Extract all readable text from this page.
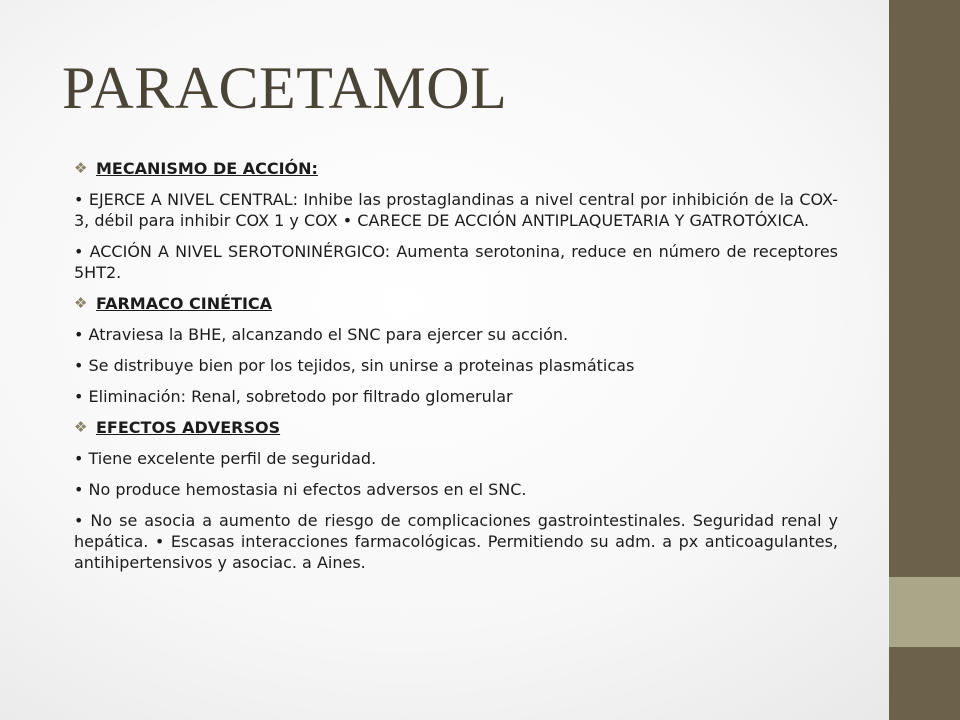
PARACETAMOL
❖ MECANISMO DE ACCIÓN:

• EJERCE A NIVEL CENTRAL: Inhibe las prostaglandinas a nivel central por inhibición de la COX-3, débil para inhibir COX 1 y COX • CARECE DE ACCIÓN ANTIPLAQUETARIA Y GATROTÓXICA.

• ACCIÓN A NIVEL SEROTONINÉRGICO: Aumenta serotonina, reduce en número de receptores 5HT2.

❖ FARMACO CINÉTICA

• Atraviesa la BHE, alcanzando el SNC para ejercer su acción.

• Se distribuye bien por los tejidos, sin unirse a proteinas plasmáticas

• Eliminación: Renal, sobretodo por filtrado glomerular

❖ EFECTOS ADVERSOS

• Tiene excelente perfil de seguridad.

• No produce hemostasia ni efectos adversos en el SNC.

• No se asocia a aumento de riesgo de complicaciones gastrointestinales. Seguridad renal y hepática. • Escasas interacciones farmacológicas. Permitiendo su adm. a px anticoagulantes, antihipertensivos y asociac. a Aines.
